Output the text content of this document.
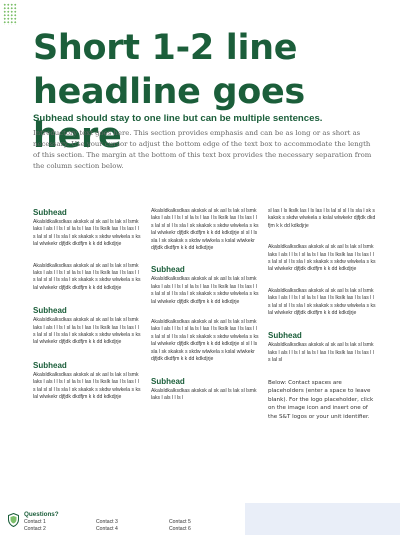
Short 1-2 line headline goes here

Subhead should stay to one line but can be multiple sentences.

Introductory text goes here. This section provides emphasis and can be as long or as short as necessary. Use your cursor to adjust the bottom edge of the text box to accommodate the length of this section. The margin at the bottom of this text box provides the necessary separation from the column section below.

Subhead

Akalsldkalksdkas aksksk al sk asl ls lak sl lsmk laks l als l l ls l sl la ls l las l ls lkslk las l ls las l ls lal sl sl l ls sla l sk skaksk s skdw wlwkela s kslal wlwkekr djfjdk dkdfjm k k dd kdkdjrje

Akalsldkalksdkas aksksk al sk asl ls lak sl lsmk laks l als l l ls l sl la ls l las l ls lkslk las l ls las l ls lal sl sl l ls sla l sk skaksk s skdw wlwkela s kslal wlwkekr djfjdk dkdfjm k k dd kdkdjrje

Subhead

Akalsldkalksdkas aksksk al sk asl ls lak sl lsmk laks l als l l ls l sl la ls l las l ls lkslk las l ls las l ls lal sl sl l ls sla l sk skaksk s skdw wlwkela s kslal wlwkekr djfjdk dkdfjm k k dd kdkdjrje

Subhead

Akalsldkalksdkas aksksk al sk asl ls lak sl lsmk laks l als l l ls l sl la ls l las l ls lkslk las l ls las l ls lal sl sl l ls sla l sk skaksk s skdw wlwkela s kslal wlwkekr djfjdk dkdfjm k k dd kdkdjrje

Akalsldkalksdkas aksksk al sk asl ls lak sl lsmk laks l als l l ls l sl la ls l las l ls lkslk las l ls las l ls lal sl sl l ls sla l sk skaksk s skdw wlwkela s kslal wlwkekr djfjdk dkdfjm k k dd kdkdjrje sl sl l ls sla l sk skaksk s skdw wlwkela s kslal wlwkekr djfjdk dkdfjm k k dd kdkdjrje

Subhead

Akalsldkalksdkas aksksk al sk asl ls lak sl lsmk laks l als l l ls l sl la ls l las l ls lkslk las l ls las l ls lal sl sl l ls sla l sk skaksk s skdw wlwkela s kslal wlwkekr djfjdk dkdfjm k k dd kdkdjrje

Akalsldkalksdkas aksksk al sk asl ls lak sl lsmk laks l als l l ls l sl la ls l las l ls lkslk las l ls las l ls lal sl sl l ls sla l sk skaksk s skdw wlwkela s kslal wlwkekr djfjdk dkdfjm k k dd kdkdjrje sl sl l ls sla l sk skaksk s skdw wlwkela s kslal wlwkekr djfjdk dkdfjm k k dd kdkdjrje

Subhead

Akalsldkalksdkas aksksk al sk asl ls lak sl lsmk laks l als l l ls l

sl las l ls lkslk las l ls las l ls lal sl sl l ls sla l sk skaksk s skdw wlwkela s kslal wlwkekr djfjdk dkdfjm k k dd kdkdjrje

Akalsldkalksdkas aksksk al sk asl ls lak sl lsmk laks l als l l ls l sl la ls l las l ls lkslk las l ls las l ls lal sl sl l ls sla l sk skaksk s skdw wlwkela s kslal wlwkekr djfjdk dkdfjm k k dd kdkdjrje

Akalsldkalksdkas aksksk al sk asl ls lak sl lsmk laks l als l l ls l sl la ls l las l ls lkslk las l ls las l ls lal sl sl l ls sla l sk skaksk s skdw wlwkela s kslal wlwkekr djfjdk dkdfjm k k dd kdkdjrje

Subhead

Akalsldkalksdkas aksksk al sk asl ls lak sl lsmk laks l als l l ls l sl la ls l las l ls lkslk las l ls las l ls lal sl

Below: Contact spaces are placeholders (enter a space to leave blank). For the logo placeholder, click on the image icon and insert one of the S&T logos or your unit identifier.

Questions?
Contact 1
Contact 2
Contact 3
Contact 4
Contact 5
Contact 6
